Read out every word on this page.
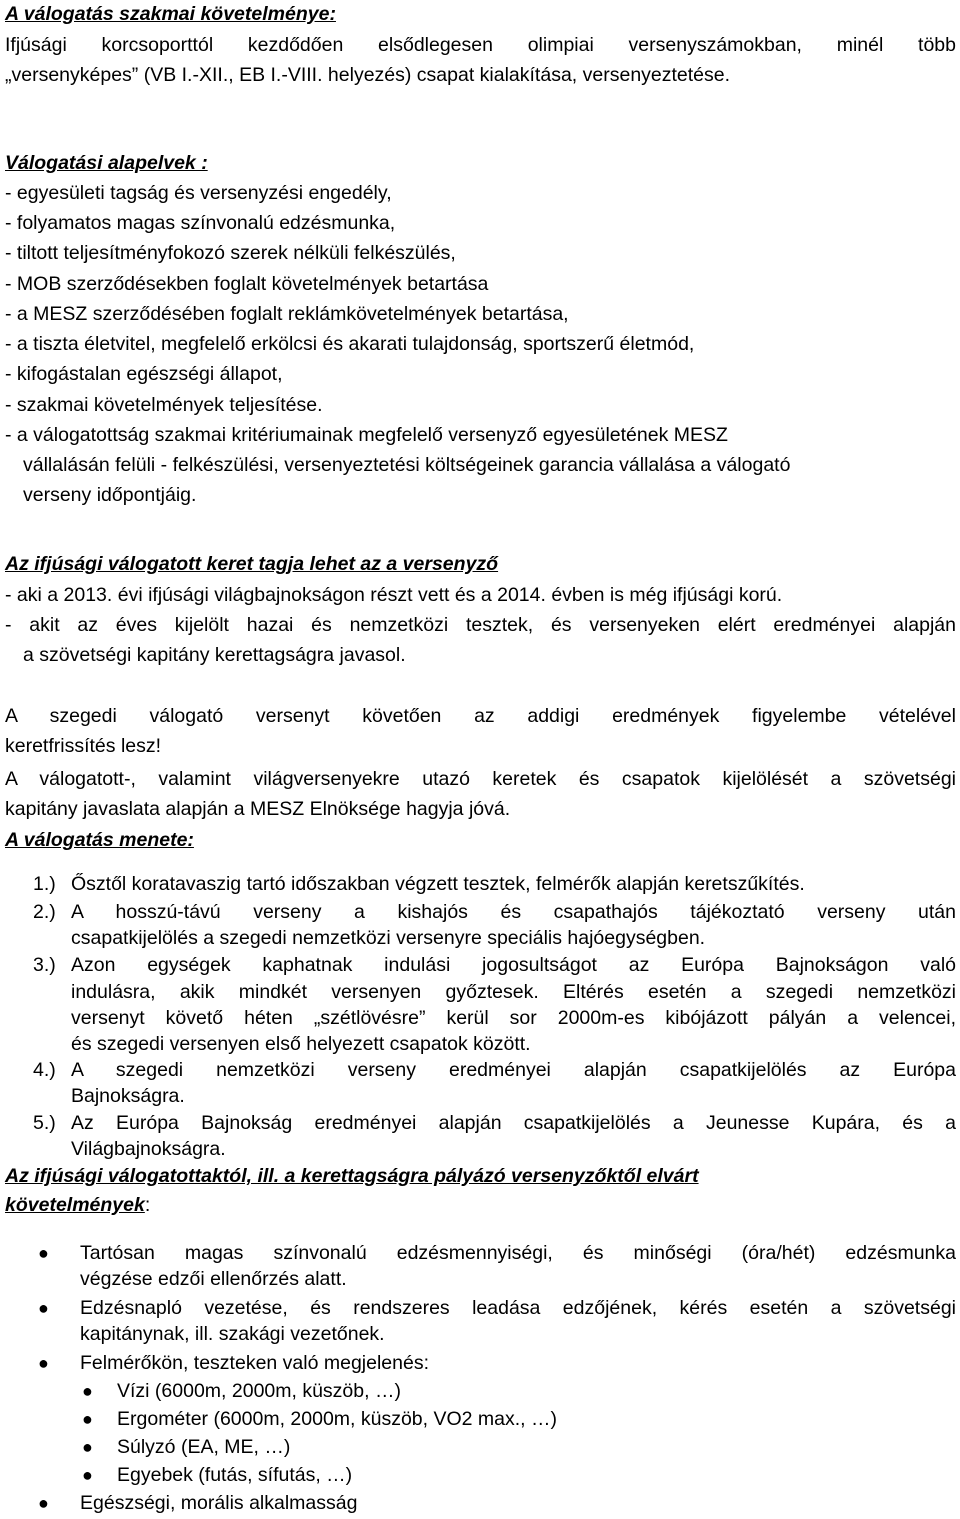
A válogatás szakmai követelménye:
Ifjúsági korcsoporttól kezdődően elsődlegesen olimpiai versenyszámokban, minél több
„versenyképes” (VB I.-XII., EB I.-VIII. helyezés) csapat kialakítása, versenyeztetése.
Válogatási alapelvek :
- egyesületi tagság és versenyzési engedély,
- folyamatos magas színvonalú edzésmunka,
- tiltott teljesítményfokozó szerek nélküli felkészülés,
- MOB szerződésekben foglalt követelmények betartása
- a MESZ szerződésében foglalt reklámkövetelmények betartása,
- a tiszta életvitel, megfelelő erkölcsi és akarati tulajdonság, sportszerű életmód,
- kifogástalan egészségi állapot,
- szakmai követelmények teljesítése.
- a válogatottság szakmai kritériumainak megfelelő versenyző egyesületének MESZ
vállalásán felüli - felkészülési, versenyeztetési költségeinek garancia vállalása a válogató
verseny időpontjáig.
Az ifjúsági válogatott keret tagja lehet az a versenyző
- aki a 2013. évi ifjúsági világbajnokságon részt vett és a 2014. évben is még ifjúsági korú.
- akit az éves kijelölt hazai és nemzetközi tesztek, és versenyeken elért eredményei alapján
a szövetségi kapitány kerettagságra javasol.
A szegedi válogató versenyt követően az addigi eredmények figyelembe vételével
keretfrissítés lesz!
A válogatott-, valamint világversenyekre utazó keretek és csapatok kijelölését a szövetségi
kapitány javaslata alapján a MESZ Elnöksége hagyja jóvá.
A válogatás menete:
1.) Ősztől koratavaszig tartó időszakban végzett tesztek, felmérők alapján keretszűkítés.
2.) A hosszú-távú verseny a kishajós és csapathajós tájékoztató verseny után
csapatkijelölés a szegedi nemzetközi versenyre speciális hajóegységben.
3.) Azon egységek kaphatnak indulási jogosultságot az Európa Bajnokságon való
indulásra, akik mindkét versenyen győztesek. Eltérés esetén a szegedi nemzetközi
versenyt követő héten „szétlövésre” kerül sor 2000m-es kibójázott pályán a velencei,
és szegedi versenyen első helyezett csapatok között.
4.) A szegedi nemzetközi verseny eredményei alapján csapatkijelölés az Európa
Bajnokságra.
5.) Az Európa Bajnokság eredményei alapján csapatkijelölés a Jeunesse Kupára, és a
Világbajnokságra.
Az ifjúsági válogatottaktól, ill. a kerettagságra pályázó versenyzőktől elvárt
követelmények:
● Tartósan magas színvonalú edzésmennyiségi, és minőségi (óra/hét) edzésmunka
végzése edzői ellenőrzés alatt.
● Edzésnapló vezetése, és rendszeres leadása edzőjének, kérés esetén a szövetségi
kapitánynak, ill. szakági vezetőnek.
● Felmérőkön, teszteken való megjelenés:
● Vízi (6000m, 2000m, küszöb, …)
● Ergométer (6000m, 2000m, küszöb, VO2 max., …)
● Súlyzó (EA, ME, …)
● Egyebek (futás, sífutás, …)
● Egészségi, morális alkalmasság
